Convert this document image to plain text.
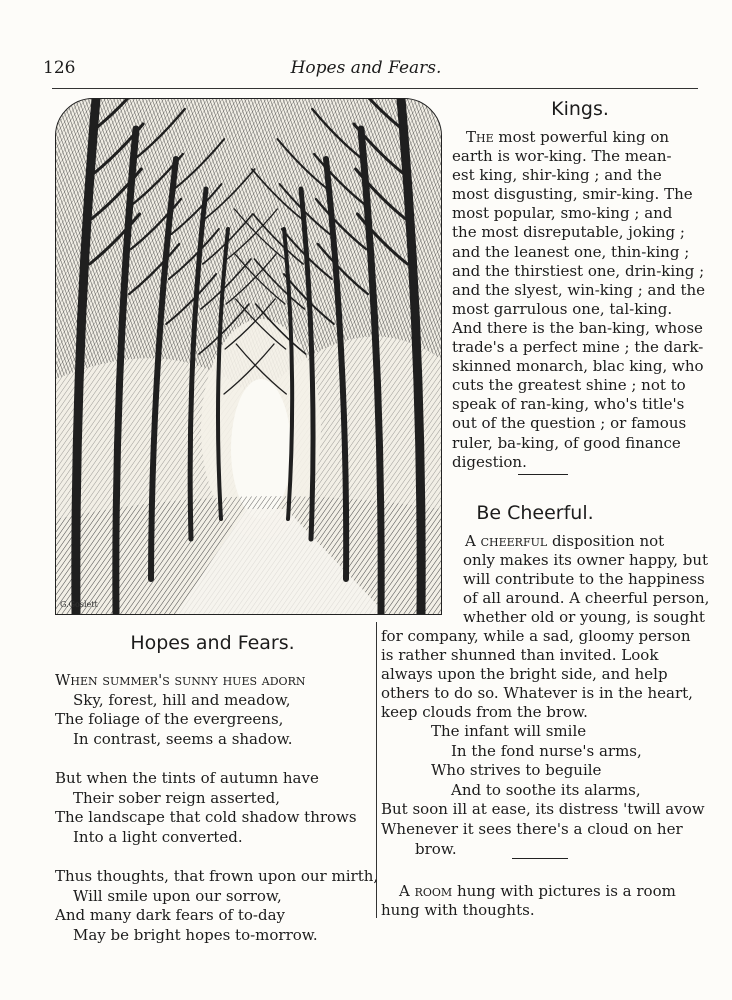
126	Hopes and Fears.
G.Goslett
Kings.
The most powerful king on
earth is wor-king. The mean-
est king, shir-king ; and the
most disgusting, smir-king. The
most popular, smo-king ; and
the most disreputable, joking ;
and the leanest one, thin-king ;
and the thirstiest one, drin-king ;
and the slyest, win-king ; and the
most garrulous one, tal-king.
And there is the ban-king, whose
trade's a perfect mine ; the dark-
skinned monarch, blac king, who
cuts the greatest shine ; not to
speak of ran-king, who's title's
out of the question ; or famous
ruler, ba-king, of good finance
digestion.
Be Cheerful.
A cheerful disposition not
only makes its owner happy, but
will contribute to the happiness
of all around. A cheerful person,
whether old or young, is sought
for company, while a sad, gloomy person
is rather shunned than invited. Look
always upon the bright side, and help
others to do so. Whatever is in the heart,
keep clouds from the brow.
The infant will smile
In the fond nurse's arms,
Who strives to beguile
And to soothe its alarms,
But soon ill at ease, its distress 'twill avow
Whenever it sees there's a cloud on her
brow.
A room hung with pictures is a room
hung with thoughts.
Hopes and Fears.
When summer's sunny hues adorn
Sky, forest, hill and meadow,
The foliage of the evergreens,
In contrast, seems a shadow.
But when the tints of autumn have
Their sober reign asserted,
The landscape that cold shadow throws
Into a light converted.
Thus thoughts, that frown upon our mirth,
Will smile upon our sorrow,
And many dark fears of to-day
May be bright hopes to-morrow.
